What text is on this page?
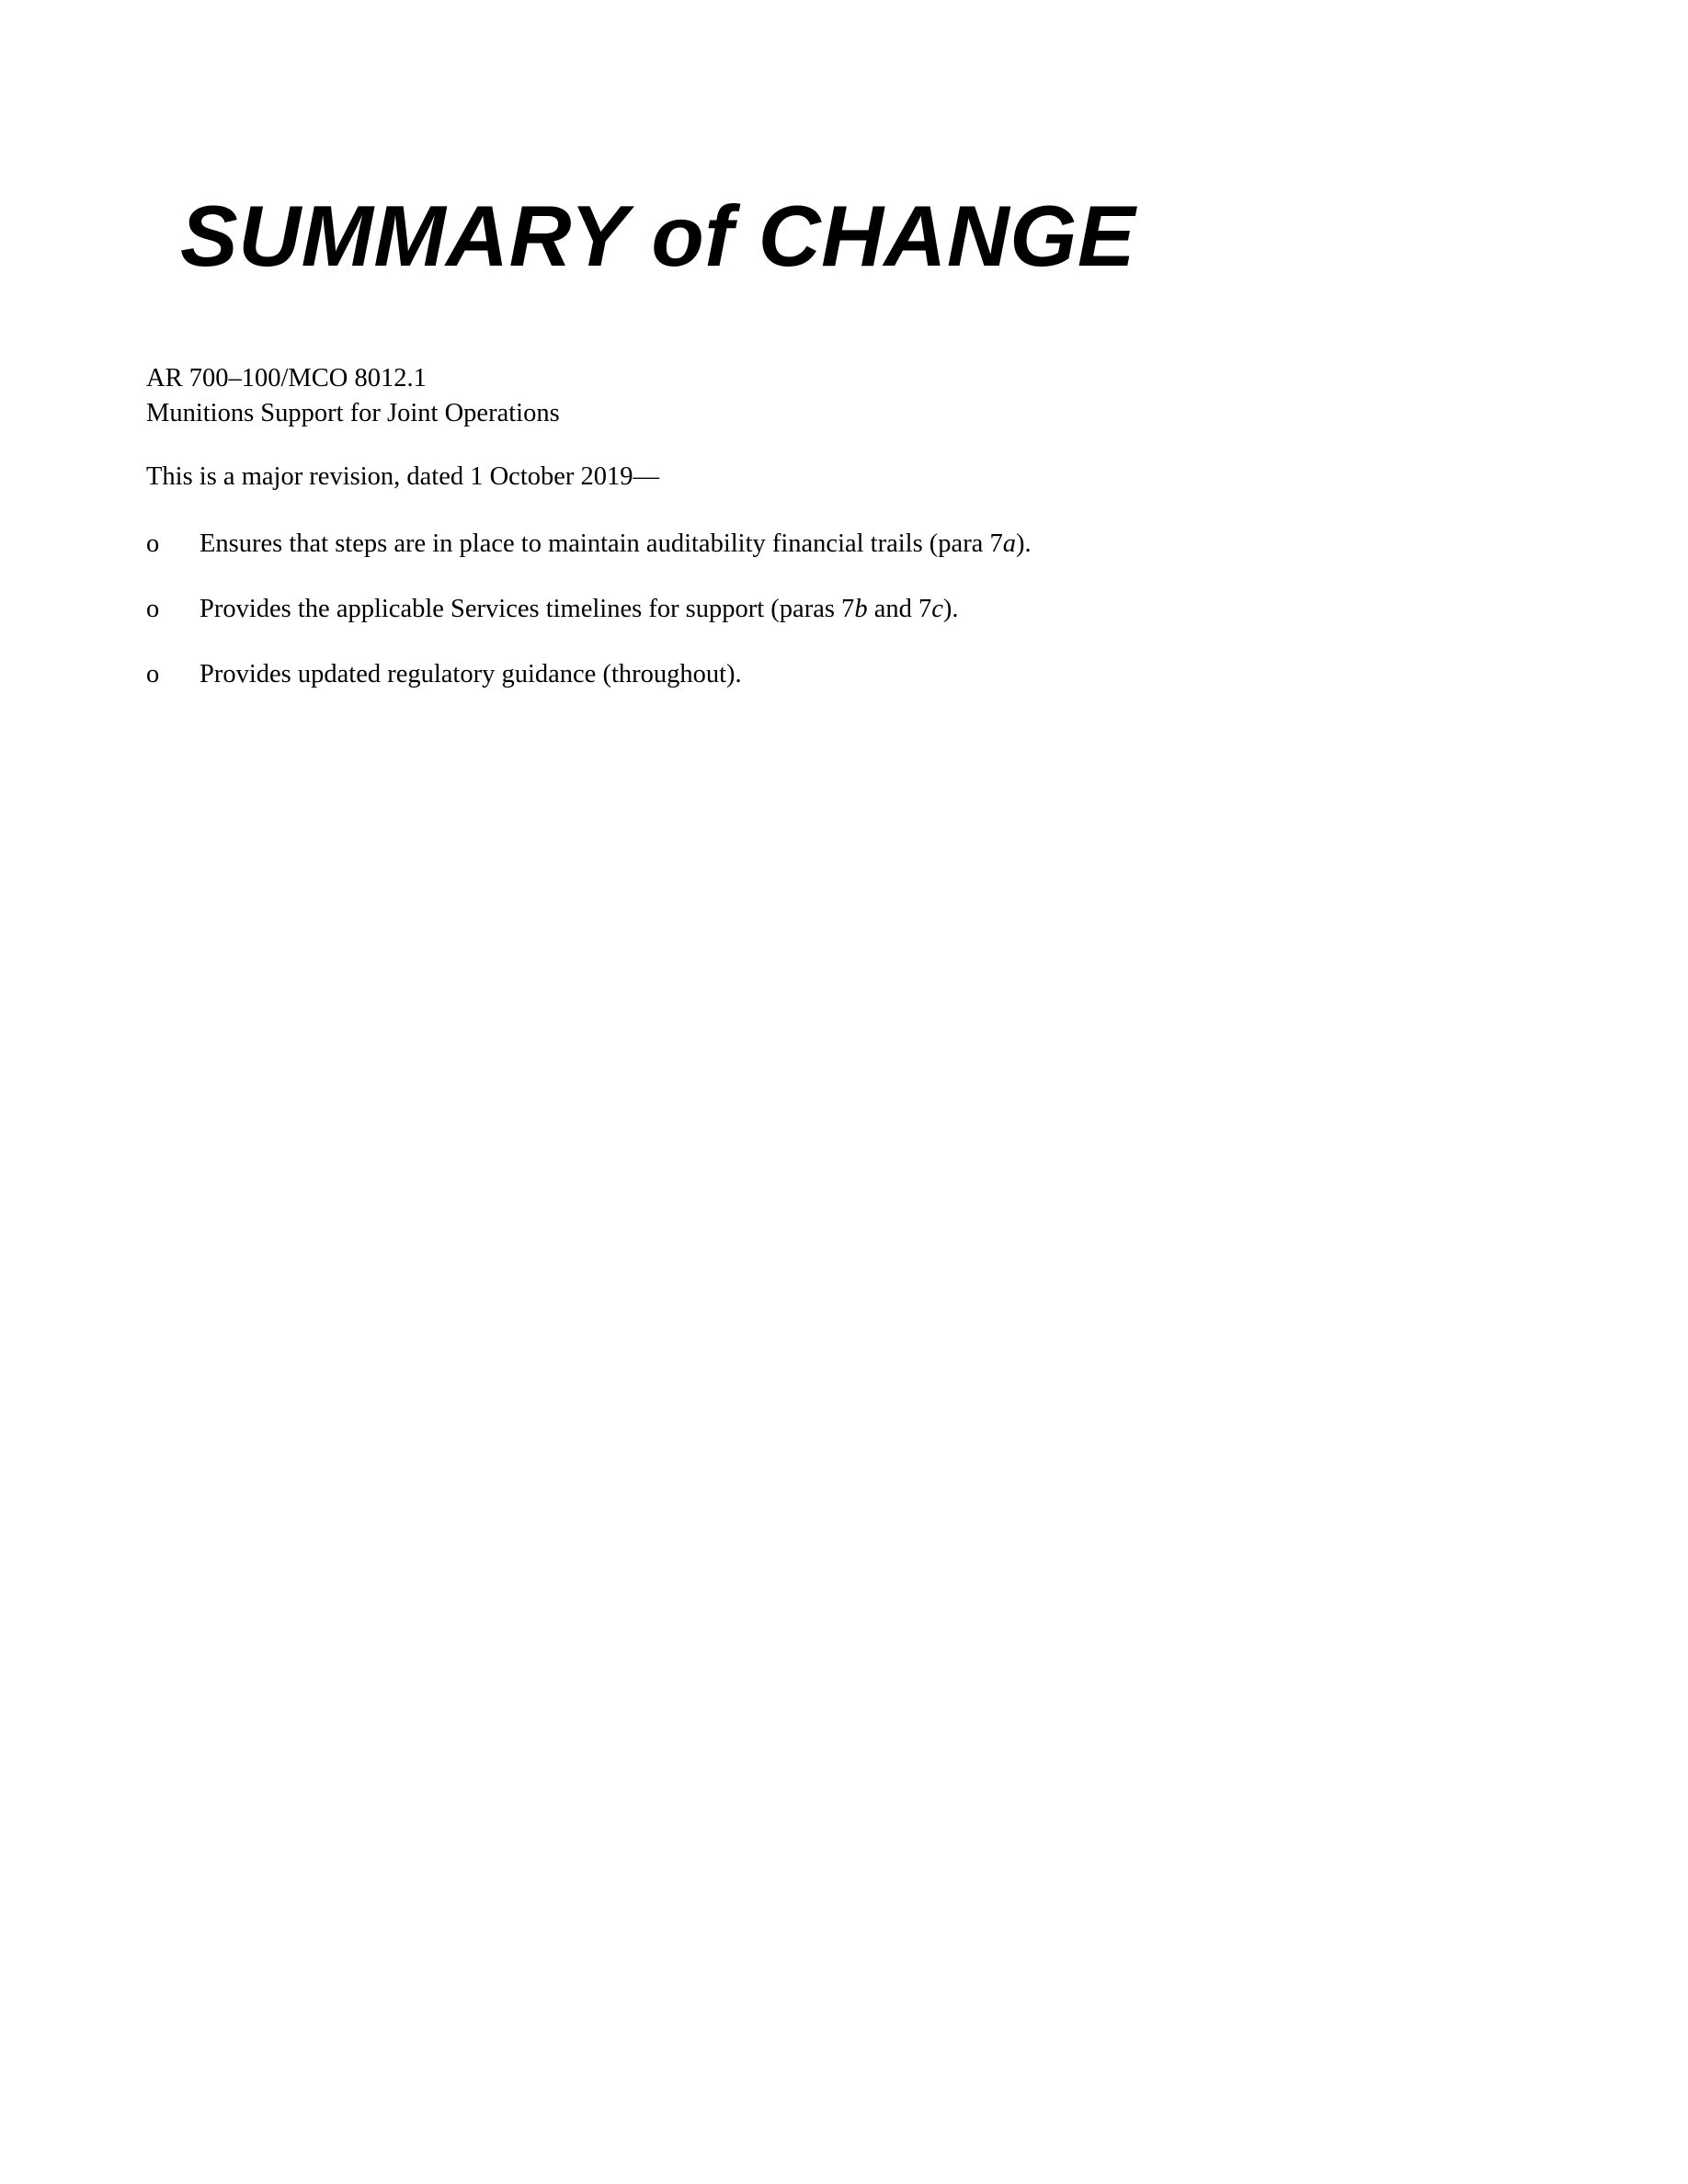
SUMMARY of CHANGE
AR 700–100/MCO 8012.1
Munitions Support for Joint Operations
This is a major revision, dated 1 October 2019—
o	Ensures that steps are in place to maintain auditability financial trails (para 7a).
o	Provides the applicable Services timelines for support (paras 7b and 7c).
o	Provides updated regulatory guidance (throughout).
